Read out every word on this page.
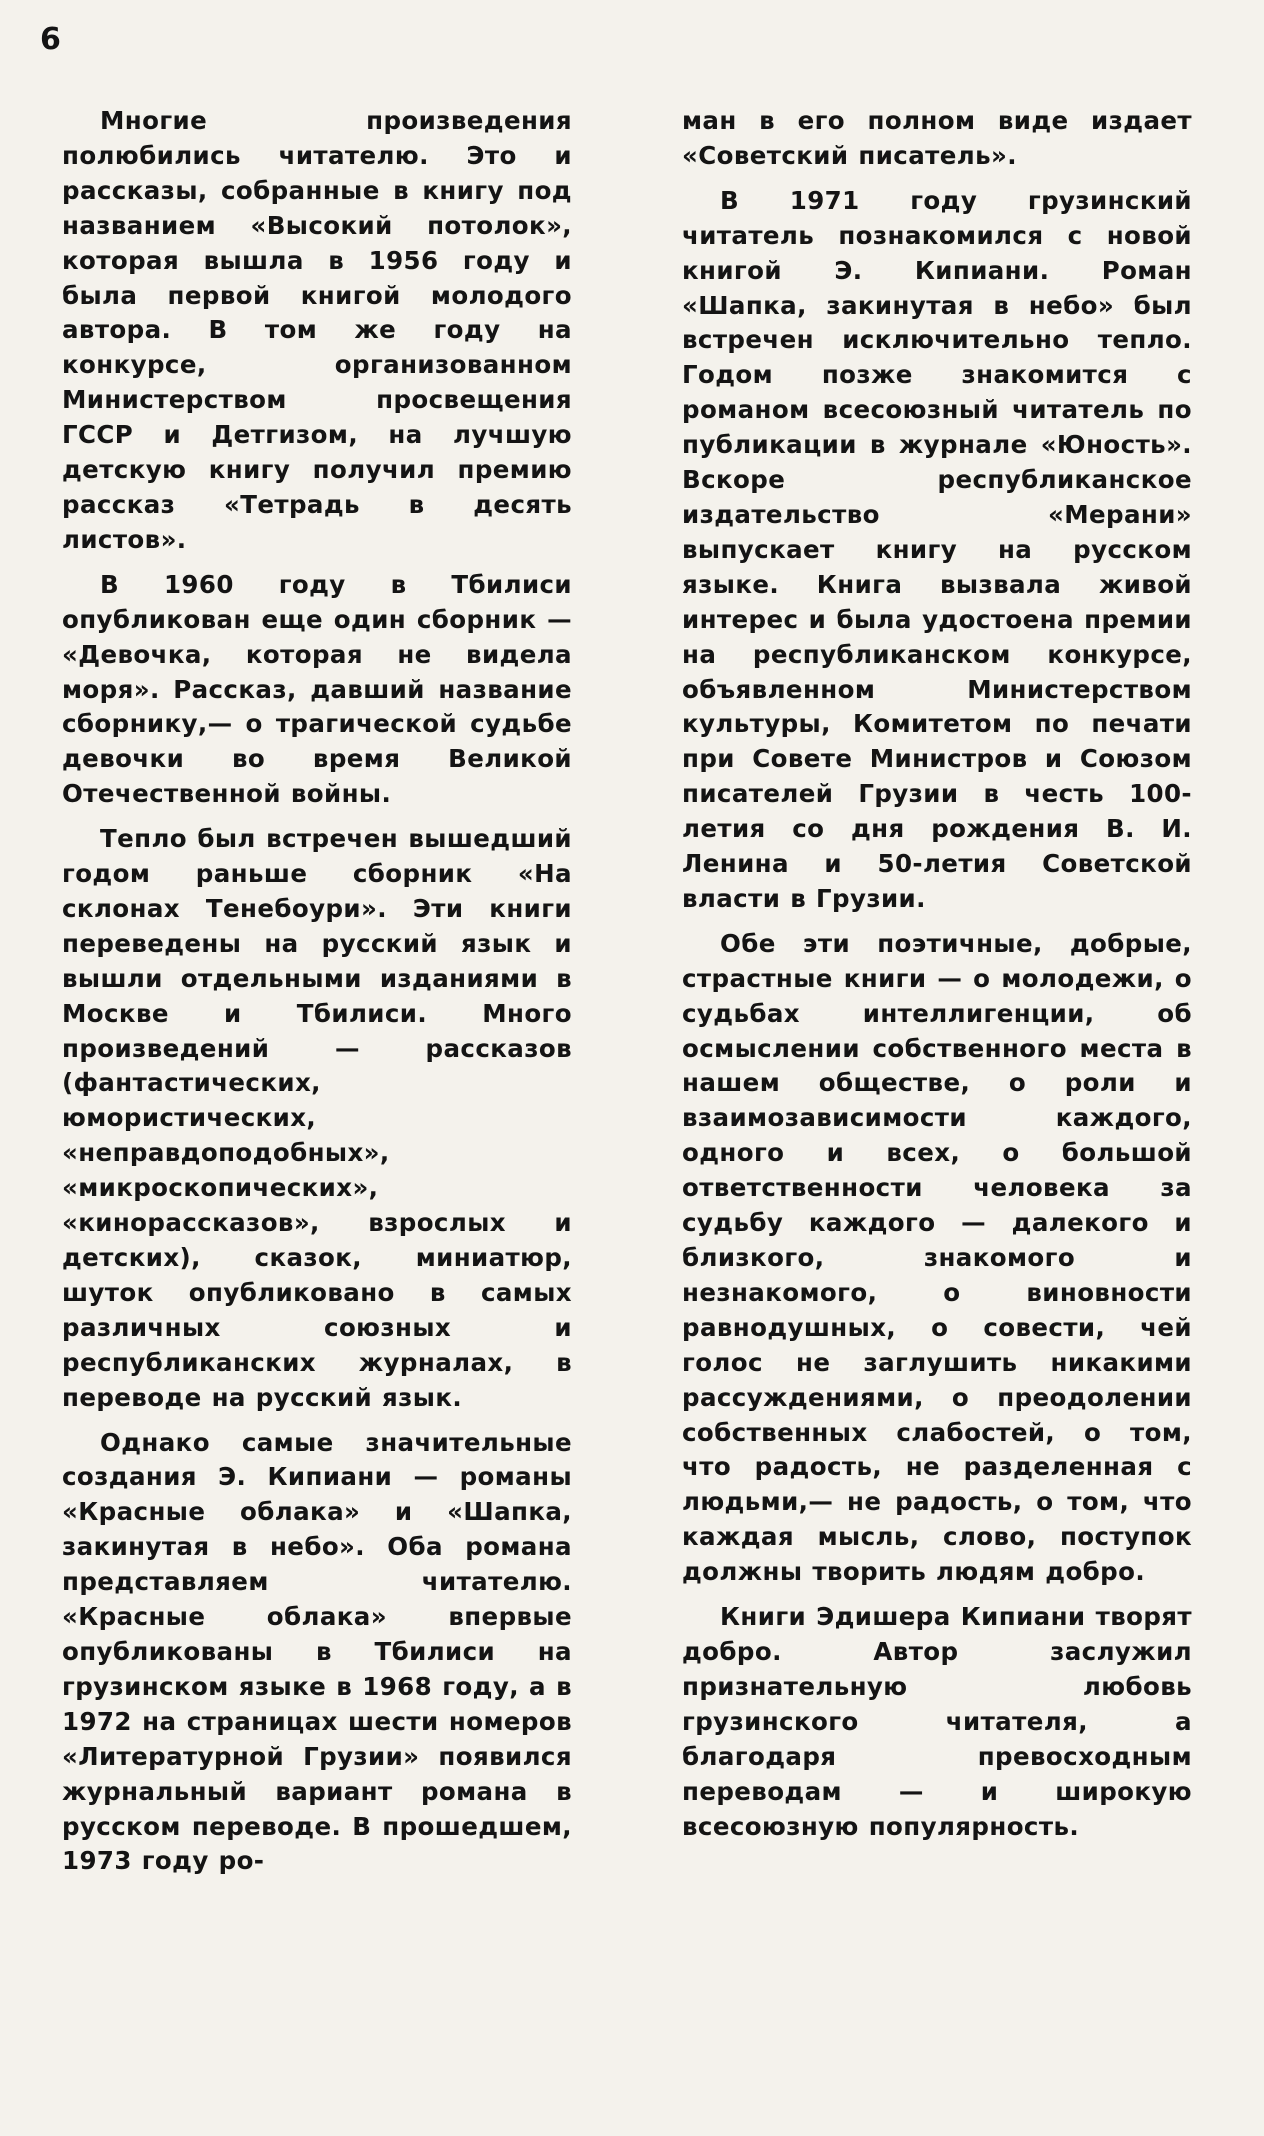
6

Многие произведения полюбились читателю. Это и рассказы, собранные в книгу под названием «Высокий потолок», которая вышла в 1956 году и была первой книгой молодого автора. В том же году на конкурсе, организованном Министерством просвещения ГССР и Детгизом, на лучшую детскую книгу получил премию рассказ «Тетрадь в десять листов».

В 1960 году в Тбилиси опубликован еще один сборник — «Девочка, которая не видела моря». Рассказ, давший название сборнику,— о трагической судьбе девочки во время Великой Отечественной войны.

Тепло был встречен вышедший годом раньше сборник «На склонах Тенебоури». Эти книги переведены на русский язык и вышли отдельными изданиями в Москве и Тбилиси. Много произведений — рассказов (фантастических, юмористических, «неправдоподобных», «микроскопических», «кинорассказов», взрослых и детских), сказок, миниатюр, шуток опубликовано в самых различных союзных и республиканских журналах, в переводе на русский язык.

Однако самые значительные создания Э. Кипиани — романы «Красные облака» и «Шапка, закинутая в небо». Оба романа представляем читателю. «Красные облака» впервые опубликованы в Тбилиси на грузинском языке в 1968 году, а в 1972 на страницах шести номеров «Литературной Грузии» появился журнальный вариант романа в русском переводе. В прошедшем, 1973 году ро-

ман в его полном виде издает «Советский писатель».

В 1971 году грузинский читатель познакомился с новой книгой Э. Кипиани. Роман «Шапка, закинутая в небо» был встречен исключительно тепло. Годом позже знакомится с романом всесоюзный читатель по публикации в журнале «Юность». Вскоре республиканское издательство «Мерани» выпускает книгу на русском языке. Книга вызвала живой интерес и была удостоена премии на республиканском конкурсе, объявленном Министерством культуры, Комитетом по печати при Совете Министров и Союзом писателей Грузии в честь 100-летия со дня рождения В. И. Ленина и 50-летия Советской власти в Грузии.

Обе эти поэтичные, добрые, страстные книги — о молодежи, о судьбах интеллигенции, об осмыслении собственного места в нашем обществе, о роли и взаимозависимости каждого, одного и всех, о большой ответственности человека за судьбу каждого — далекого и близкого, знакомого и незнакомого, о виновности равнодушных, о совести, чей голос не заглушить никакими рассуждениями, о преодолении собственных слабостей, о том, что радость, не разделенная с людьми,— не радость, о том, что каждая мысль, слово, поступок должны творить людям добро.

Книги Эдишера Кипиани творят добро. Автор заслужил признательную любовь грузинского читателя, а благодаря превосходным переводам — и широкую всесоюзную популярность.
